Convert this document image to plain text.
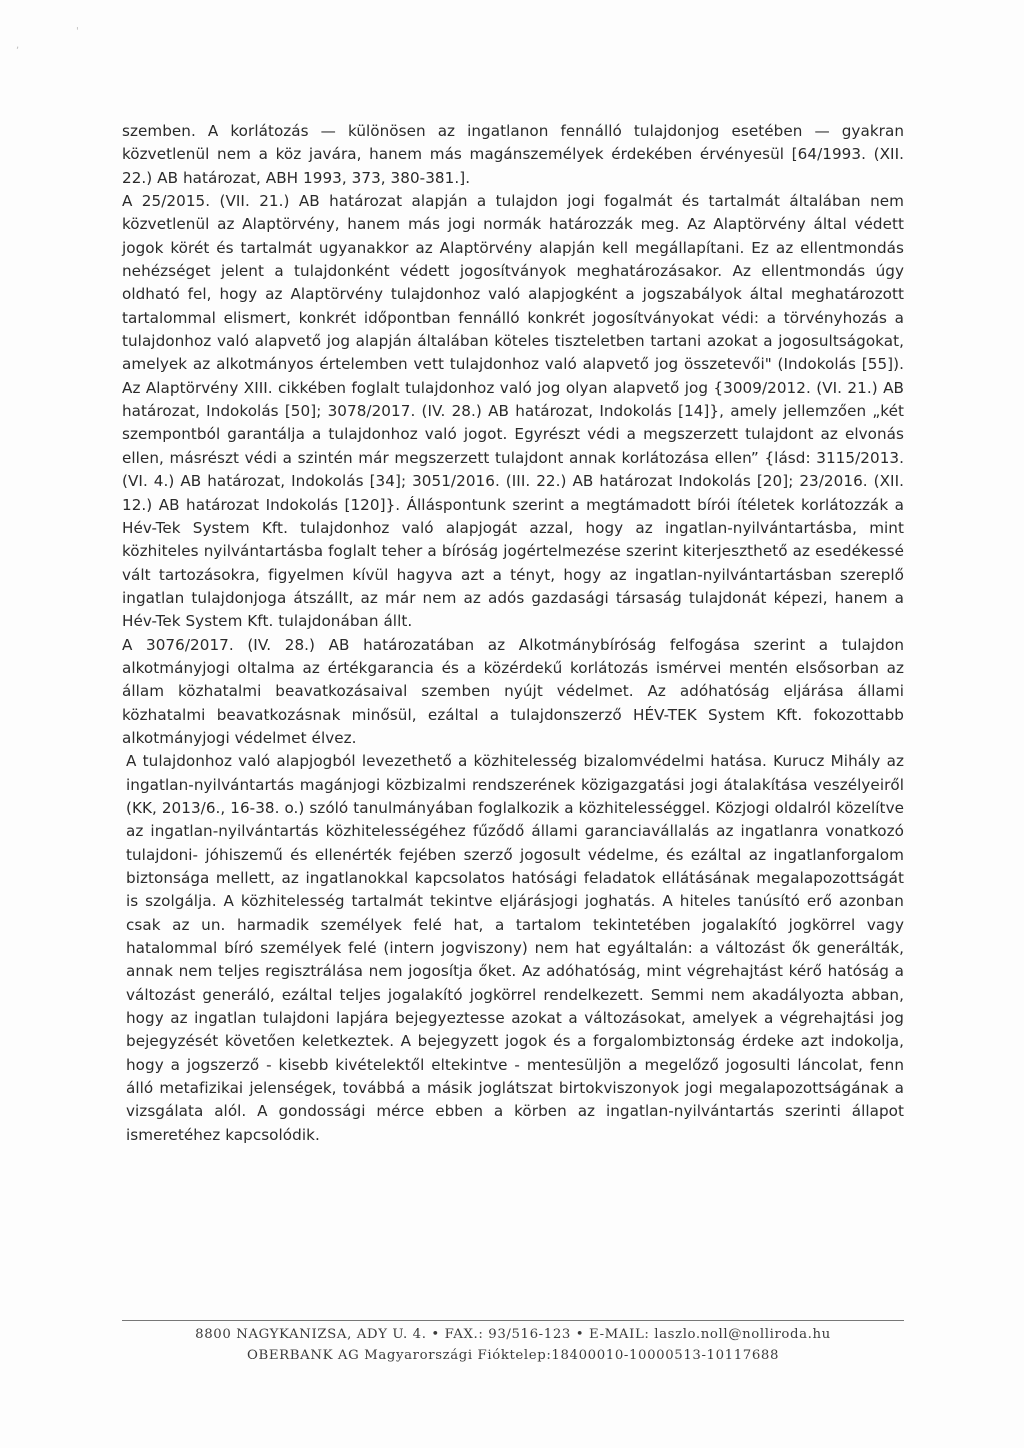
,
'

szemben. A korlátozás — különösen az ingatlanon fennálló tulajdonjog esetében — gyakran közvetlenül nem a köz javára, hanem más magánszemélyek érdekében érvényesül [64/1993. (XII. 22.) AB határozat, ABH 1993, 373, 380-381.].

A 25/2015. (VII. 21.) AB határozat alapján a tulajdon jogi fogalmát és tartalmát általában nem közvetlenül az Alaptörvény, hanem más jogi normák határozzák meg. Az Alaptörvény által védett jogok körét és tartalmát ugyanakkor az Alaptörvény alapján kell megállapítani. Ez az ellentmondás nehézséget jelent a tulajdonként védett jogosítványok meghatározásakor. Az ellentmondás úgy oldható fel, hogy az Alaptörvény tulajdonhoz való alapjogként a jogszabályok által meghatározott tartalommal elismert, konkrét időpontban fennálló konkrét jogosítványokat védi: a törvényhozás a tulajdonhoz való alapvető jog alapján általában köteles tiszteletben tartani azokat a jogosultságokat, amelyek az alkotmányos értelemben vett tulajdonhoz való alapvető jog összetevői" (Indokolás [55]). Az Alaptörvény XIII. cikkében foglalt tulajdonhoz való jog olyan alapvető jog {3009/2012. (VI. 21.) AB határozat, Indokolás [50]; 3078/2017. (IV. 28.) AB határozat, Indokolás [14]}, amely jellemzően „két szempontból garantálja a tulajdonhoz való jogot. Egyrészt védi a megszerzett tulajdont az elvonás ellen, másrészt védi a szintén már megszerzett tulajdont annak korlátozása ellen” {lásd: 3115/2013. (VI. 4.) AB határozat, Indokolás [34]; 3051/2016. (III. 22.) AB határozat Indokolás [20]; 23/2016. (XII. 12.) AB határozat Indokolás [120]}. Álláspontunk szerint a megtámadott bírói ítéletek korlátozzák a Hév-Tek System Kft. tulajdonhoz való alapjogát azzal, hogy az ingatlan-nyilvántartásba, mint közhiteles nyilvántartásba foglalt teher a bíróság jogértelmezése szerint kiterjeszthető az esedékessé vált tartozásokra, figyelmen kívül hagyva azt a tényt, hogy az ingatlan-nyilvántartásban szereplő ingatlan tulajdonjoga átszállt, az már nem az adós gazdasági társaság tulajdonát képezi, hanem a Hév-Tek System Kft. tulajdonában állt.

A 3076/2017. (IV. 28.) AB határozatában az Alkotmánybíróság felfogása szerint a tulajdon alkotmányjogi oltalma az értékgarancia és a közérdekű korlátozás ismérvei mentén elsősorban az állam közhatalmi beavatkozásaival szemben nyújt védelmet. Az adóhatóság eljárása állami közhatalmi beavatkozásnak minősül, ezáltal a tulajdonszerző HÉV-TEK System Kft. fokozottabb alkotmányjogi védelmet élvez.

A tulajdonhoz való alapjogból levezethető a közhitelesség bizalomvédelmi hatása. Kurucz Mihály az ingatlan-nyilvántartás magánjogi közbizalmi rendszerének közigazgatási jogi átalakítása veszélyeiről (KK, 2013/6., 16-38. o.) szóló tanulmányában foglalkozik a közhitelességgel. Közjogi oldalról közelítve az ingatlan-nyilvántartás közhitelességéhez fűződő állami garanciavállalás az ingatlanra vonatkozó tulajdoni- jóhiszemű és ellenérték fejében szerző jogosult védelme, és ezáltal az ingatlanforgalom biztonsága mellett, az ingatlanokkal kapcsolatos hatósági feladatok ellátásának megalapozottságát is szolgálja. A közhitelesség tartalmát tekintve eljárásjogi joghatás. A hiteles tanúsító erő azonban csak az un. harmadik személyek felé hat, a tartalom tekintetében jogalakító jogkörrel vagy hatalommal bíró személyek felé (intern jogviszony) nem hat egyáltalán: a változást ők generálták, annak nem teljes regisztrálása nem jogosítja őket. Az adóhatóság, mint végrehajtást kérő hatóság a változást generáló, ezáltal teljes jogalakító jogkörrel rendelkezett. Semmi nem akadályozta abban, hogy az ingatlan tulajdoni lapjára bejegyeztesse azokat a változásokat, amelyek a végrehajtási jog bejegyzését követően keletkeztek. A bejegyzett jogok és a forgalombiztonság érdeke azt indokolja, hogy a jogszerző - kisebb kivételektől eltekintve - mentesüljön a megelőző jogosulti láncolat, fenn álló metafizikai jelenségek, továbbá a másik joglátszat birtokviszonyok jogi megalapozottságának a vizsgálata alól. A gondossági mérce ebben a körben az ingatlan-nyilvántartás szerinti állapot ismeretéhez kapcsolódik.

8800 NAGYKANIZSA, ADY U. 4. • FAX.: 93/516-123 • E-MAIL: laszlo.noll@nolliroda.hu
OBERBANK AG Magyarországi Fióktelep:18400010-10000513-10117688
